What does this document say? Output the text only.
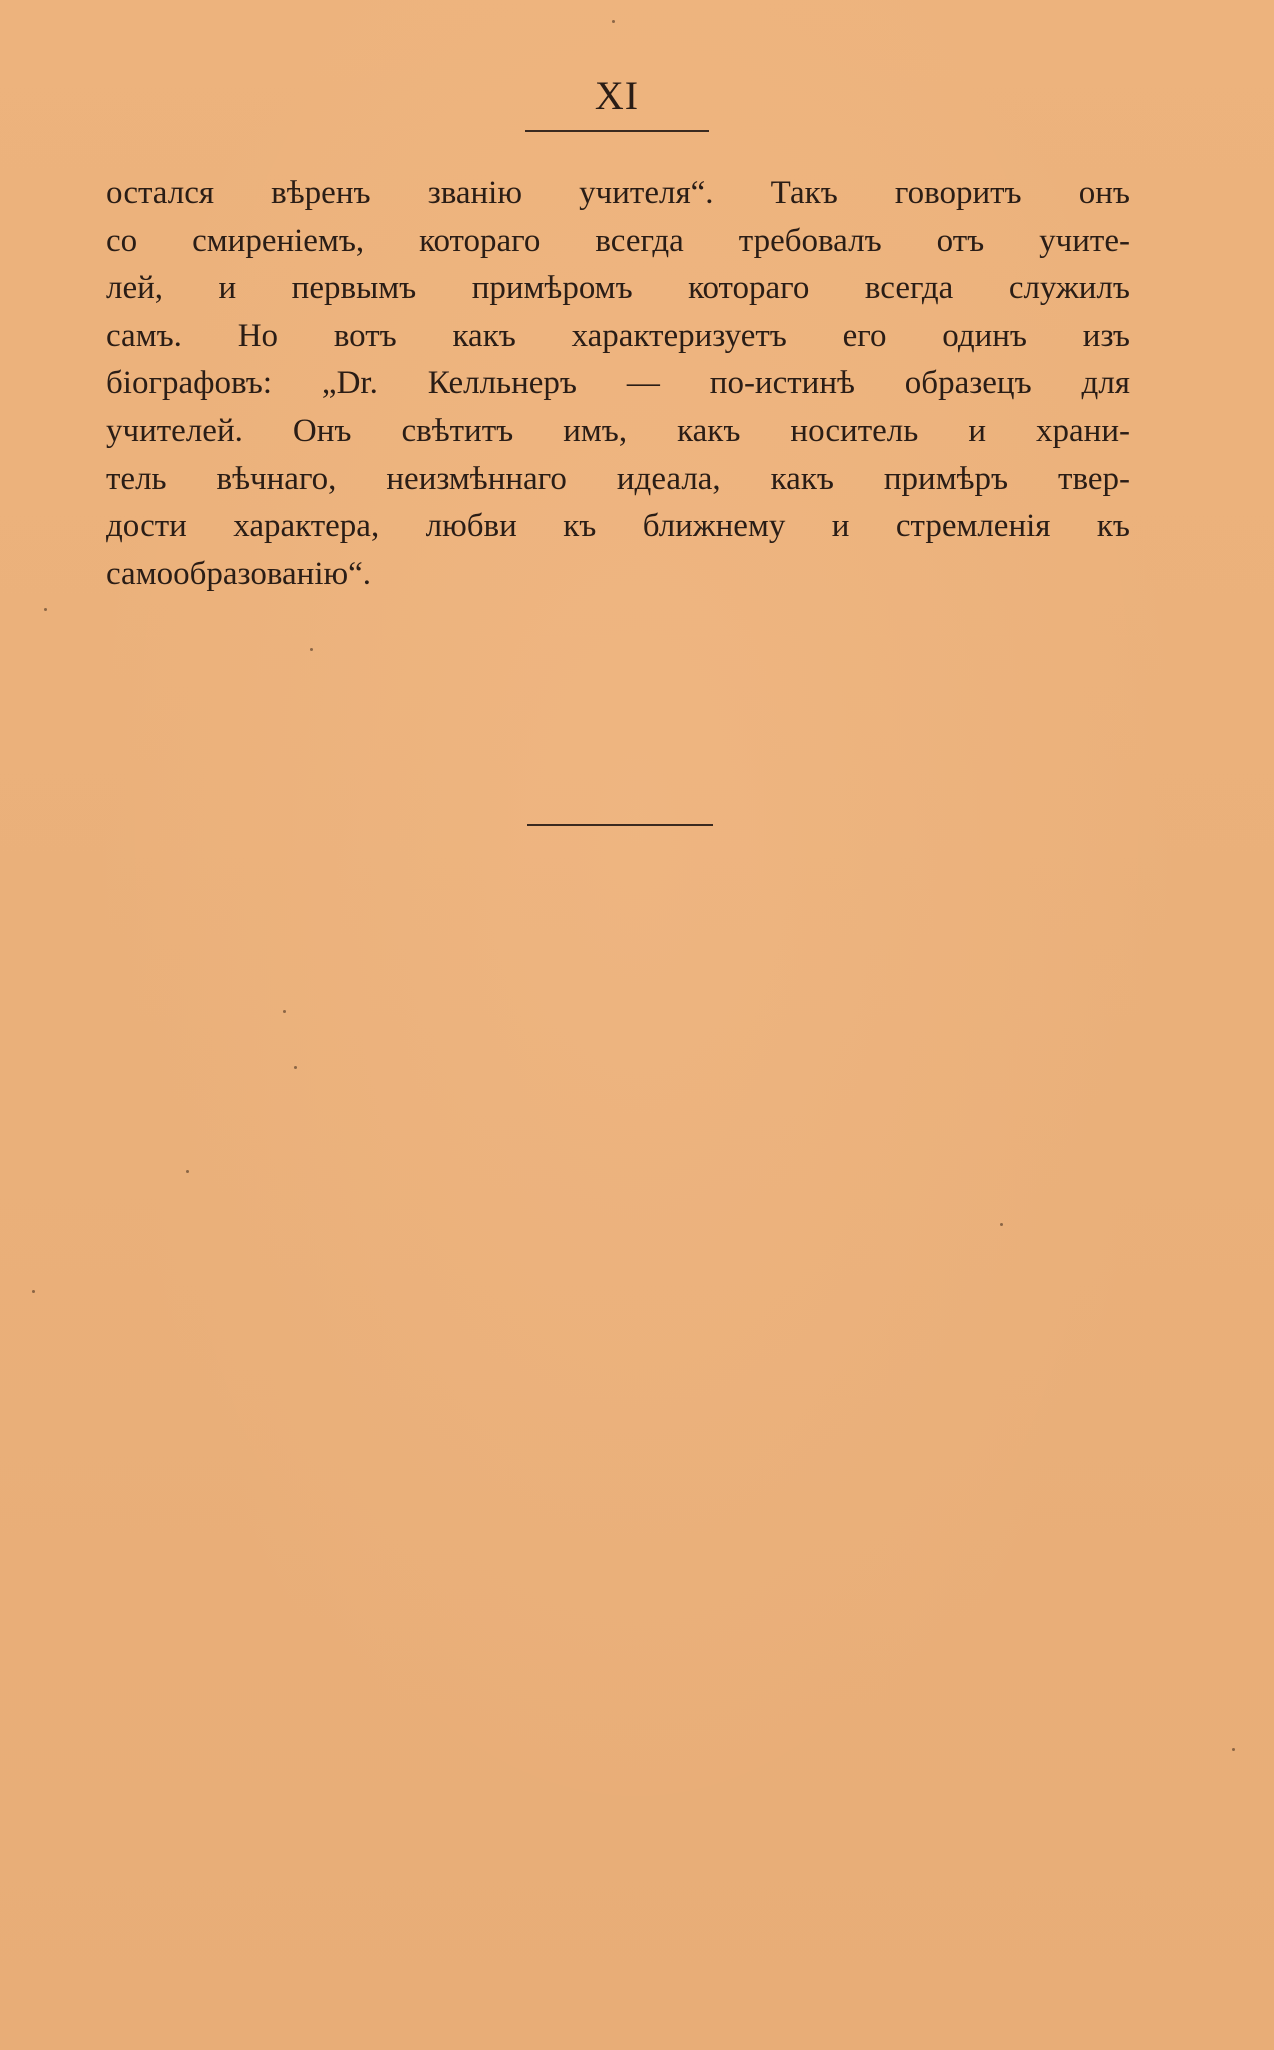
XI
остался вѣренъ званію учителя“. Такъ говоритъ онъ
со смиреніемъ, котораго всегда требовалъ отъ учите-
лей, и первымъ примѣромъ котораго всегда служилъ
самъ. Но вотъ какъ характеризуетъ его одинъ изъ
біографовъ: „Dr. Келльнеръ — по-истинѣ образецъ для
учителей. Онъ свѣтитъ имъ, какъ носитель и храни-
тель вѣчнаго, неизмѣннаго идеала, какъ примѣръ твер-
дости характера, любви къ ближнему и стремленія къ
самообразованію“.
